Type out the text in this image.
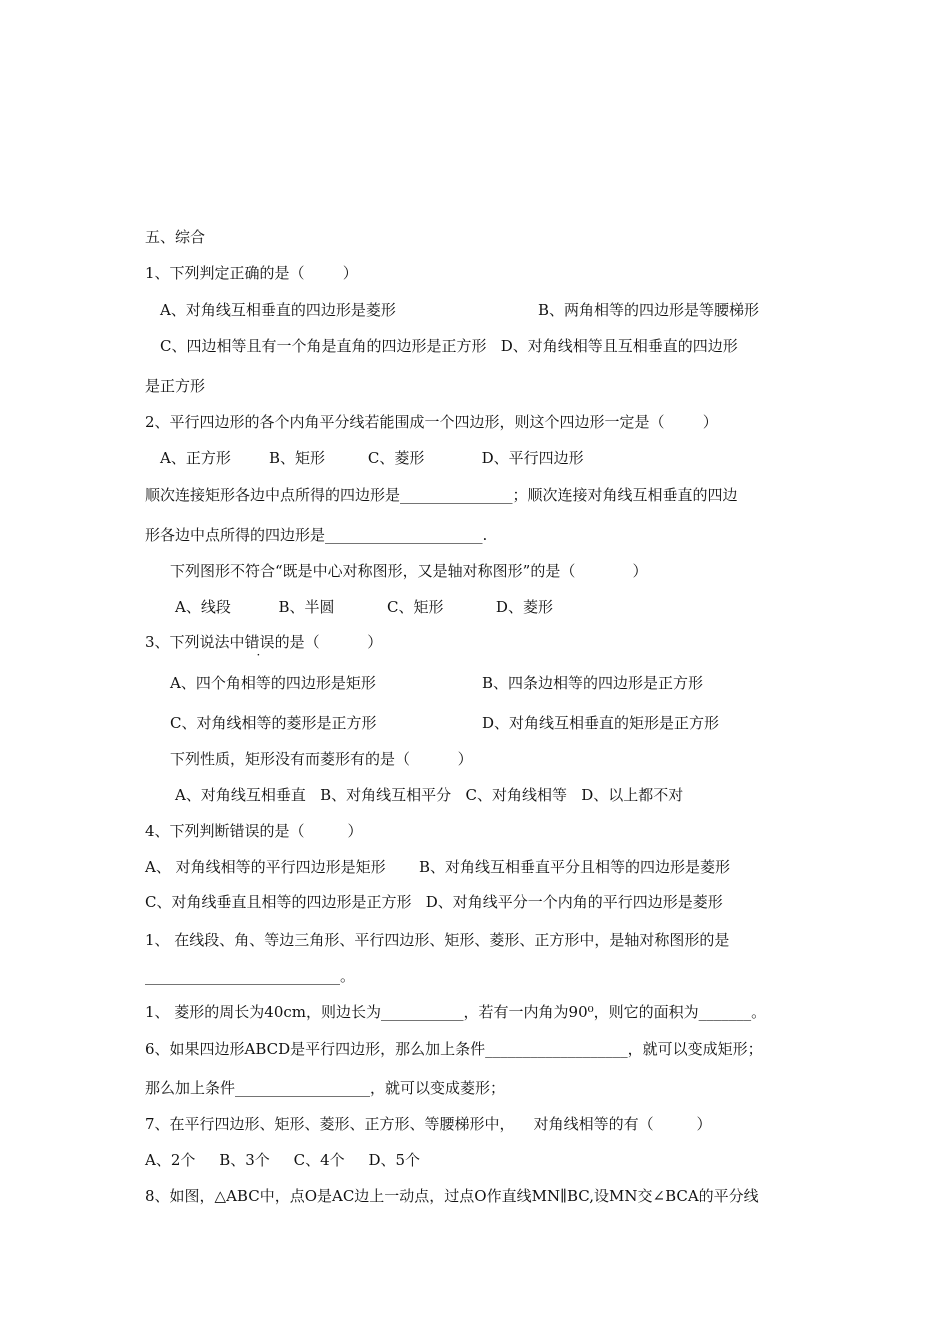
五、综合
1、下列判定正确的是（        ）
A、对角线互相垂直的四边形是菱形	B、两角相等的四边形是等腰梯形
C、四边相等且有一个角是直角的四边形是正方形   D、对角线相等且互相垂直的四边形
是正方形
2、平行四边形的各个内角平分线若能围成一个四边形，则这个四边形一定是（        ）
A、正方形        B、矩形         C、菱形            D、平行四边形
顺次连接矩形各边中点所得的四边形是_______________；顺次连接对角线互相垂直的四边
形各边中点所得的四边形是_____________________.
下列图形不符合“既是中心对称图形，又是轴对称图形”的是（            ）
A、线段          B、半圆           C、矩形           D、菱形
3、下列说法中错误的是（          ）
A、四个角相等的四边形是矩形	B、四条边相等的四边形是正方形
C、对角线相等的菱形是正方形	D、对角线互相垂直的矩形是正方形
下列性质，矩形没有而菱形有的是（          ）
A、对角线互相垂直   B、对角线互相平分   C、对角线相等   D、以上都不对
4、下列判断错误的是（         ）
A、 对角线相等的平行四边形是矩形       B、对角线互相垂直平分且相等的四边形是菱形
C、对角线垂直且相等的四边形是正方形   D、对角线平分一个内角的平行四边形是菱形
1、 在线段、角、等边三角形、平行四边形、矩形、菱形、正方形中，是轴对称图形的是
__________________________。
1、 菱形的周长为40cm，则边长为___________，若有一内角为90⁰，则它的面积为_______。
6、如果四边形ABCD是平行四边形，那么加上条件___________________，就可以变成矩形；
那么加上条件__________________，就可以变成菱形；
7、在平行四边形、矩形、菱形、正方形、等腰梯形中，    对角线相等的有（         ）
A、2个     B、3个     C、4个     D、5个
8、如图，△ABC中，点O是AC边上一动点，过点O作直线MN∥BC,设MN交∠BCA的平分线
